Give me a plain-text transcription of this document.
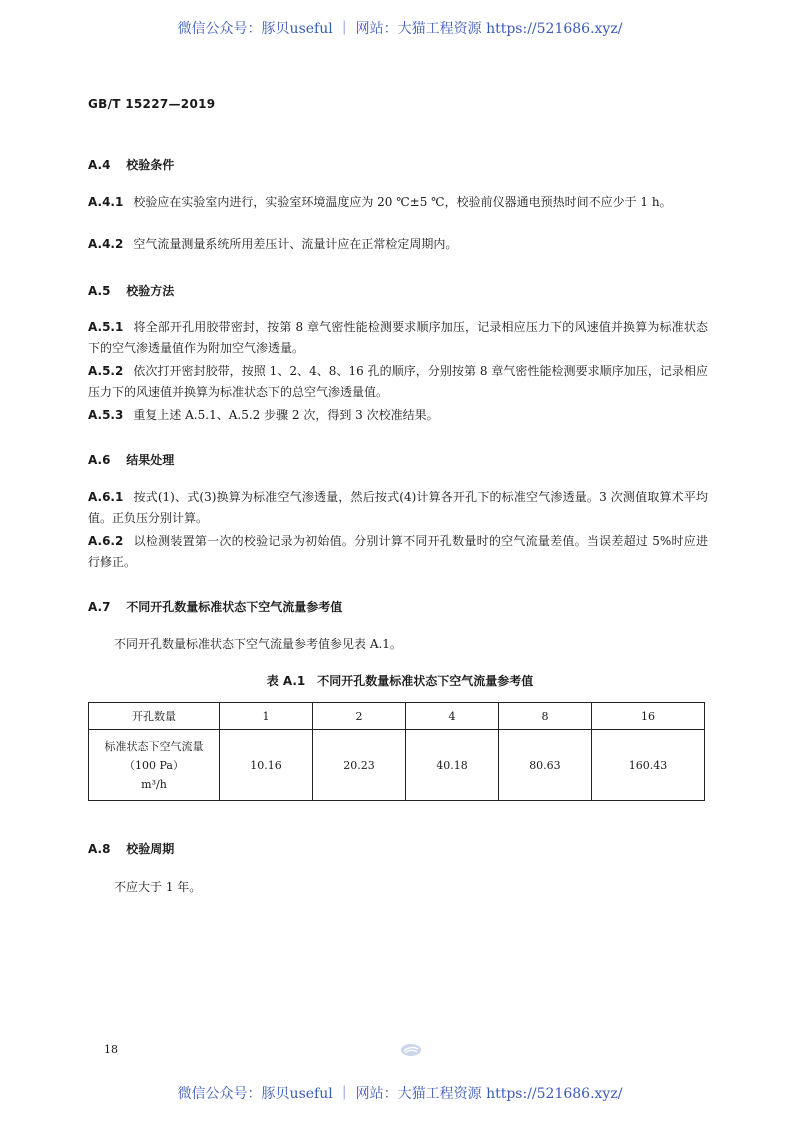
微信公众号：豚贝useful ｜ 网站：大猫工程资源 https://521686.xyz/
GB/T 15227—2019
A.4 校验条件

A.4.1 校验应在实验室内进行，实验室环境温度应为 20 ℃±5 ℃，校验前仪器通电预热时间不应少于 1 h。

A.4.2 空气流量测量系统所用差压计、流量计应在正常检定周期内。

A.5 校验方法

A.5.1 将全部开孔用胶带密封，按第 8 章气密性能检测要求顺序加压，记录相应压力下的风速值并换算为标准状态下的空气渗透量值作为附加空气渗透量。

A.5.2 依次打开密封胶带，按照 1、2、4、8、16 孔的顺序，分别按第 8 章气密性能检测要求顺序加压，记录相应压力下的风速值并换算为标准状态下的总空气渗透量值。

A.5.3 重复上述 A.5.1、A.5.2 步骤 2 次，得到 3 次校准结果。

A.6 结果处理

A.6.1 按式(1)、式(3)换算为标准空气渗透量，然后按式(4)计算各开孔下的标准空气渗透量。3 次测值取算术平均值。正负压分别计算。

A.6.2 以检测装置第一次的校验记录为初始值。分别计算不同开孔数量时的空气流量差值。当误差超过 5%时应进行修正。

A.7 不同开孔数量标准状态下空气流量参考值

不同开孔数量标准状态下空气流量参考值参见表 A.1。

表 A.1　不同开孔数量标准状态下空气流量参考值
开孔数量	1	2	4	8	16

标准状态下空气流量
（100 Pa）
m³/h	10.16	20.23	40.18	80.63	160.43
A.8 校验周期

不应大于 1 年。

18
微信公众号：豚贝useful ｜ 网站：大猫工程资源 https://521686.xyz/
